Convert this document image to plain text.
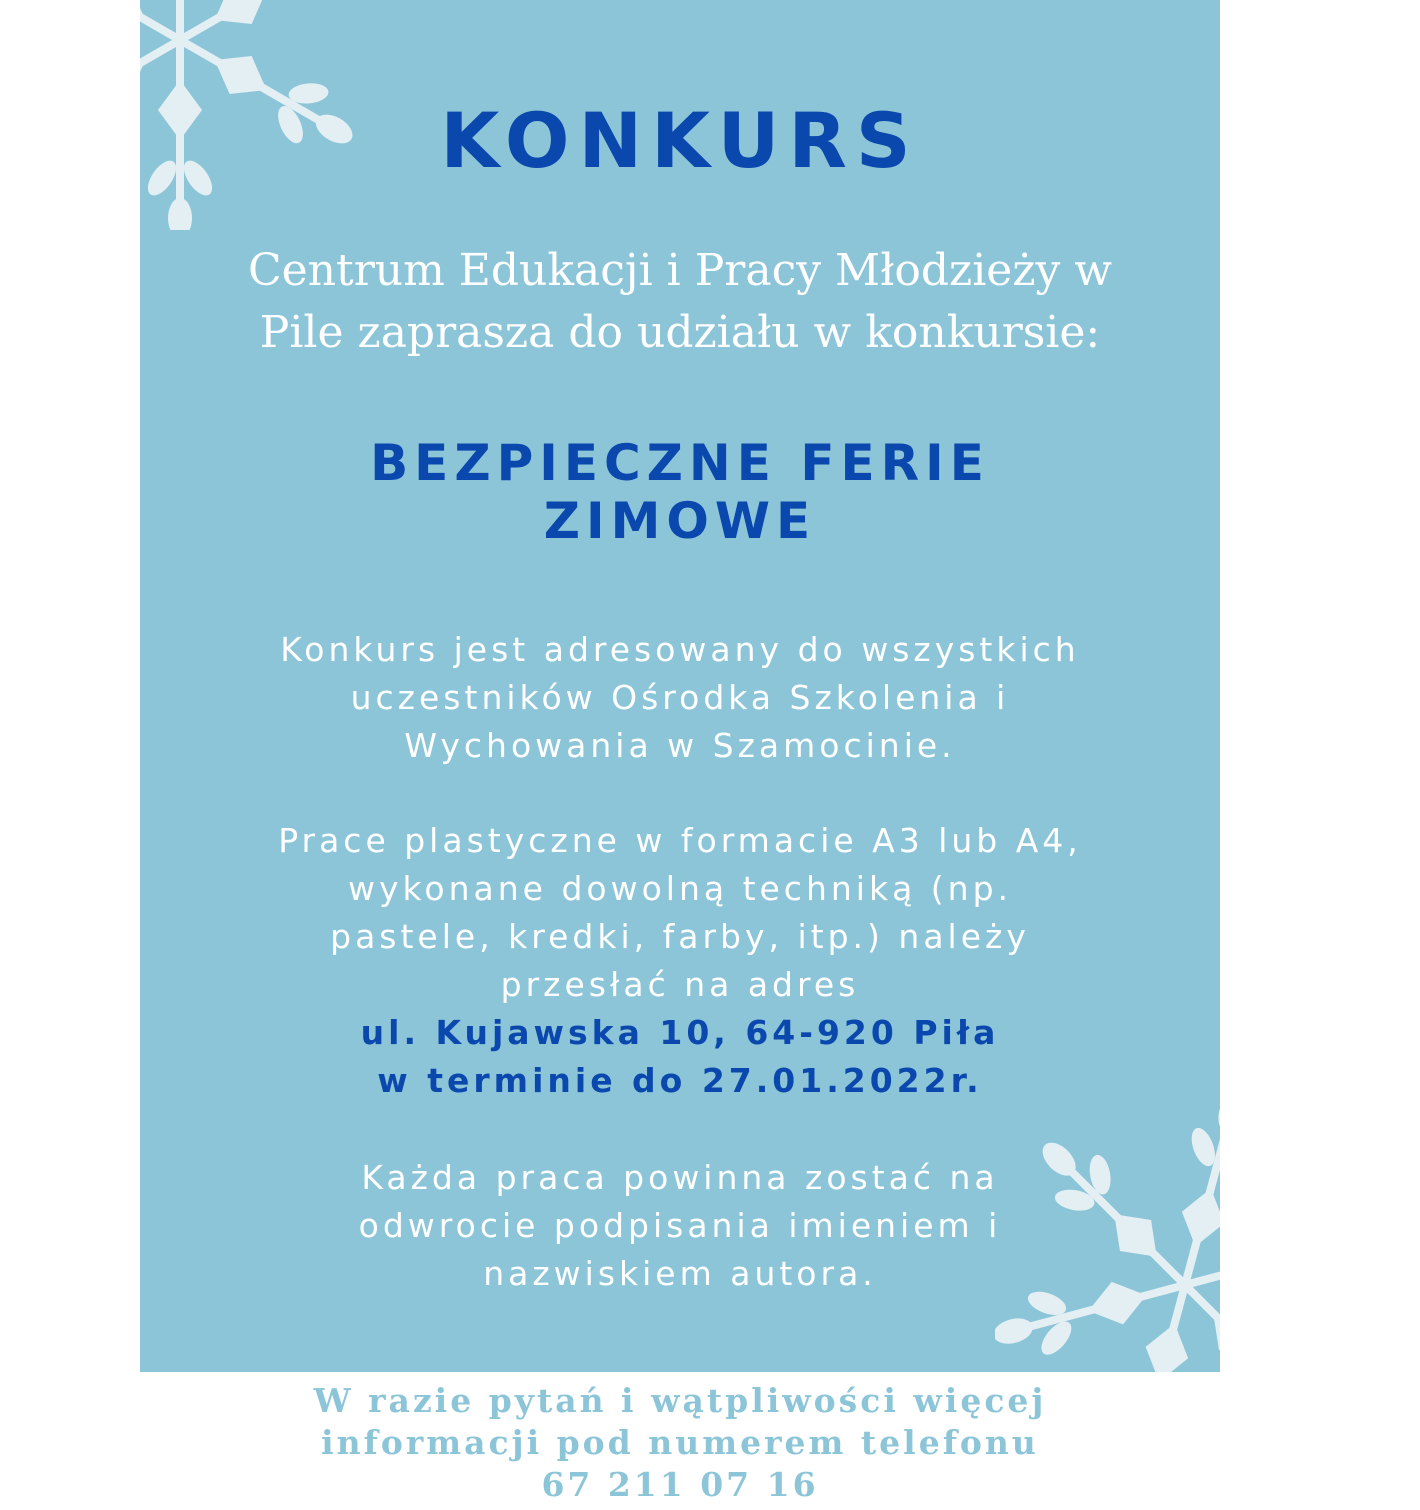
KONKURS

Centrum Edukacji i Pracy Młodzieży w
Pile zaprasza do udziału w konkursie:

BEZPIECZNE FERIE
ZIMOWE

Konkurs jest adresowany do wszystkich
uczestników Ośrodka Szkolenia i
Wychowania w Szamocinie.

Prace plastyczne w formacie A3 lub A4,
wykonane dowolną techniką (np.
pastele, kredki, farby, itp.) należy
przesłać na adres
ul. Kujawska 10, 64-920 Piła
w terminie do 27.01.2022r.

Każda praca powinna zostać na
odwrocie podpisania imieniem i
nazwiskiem autora.

W razie pytań i wątpliwości więcej
informacji pod numerem telefonu
67 211 07 16
